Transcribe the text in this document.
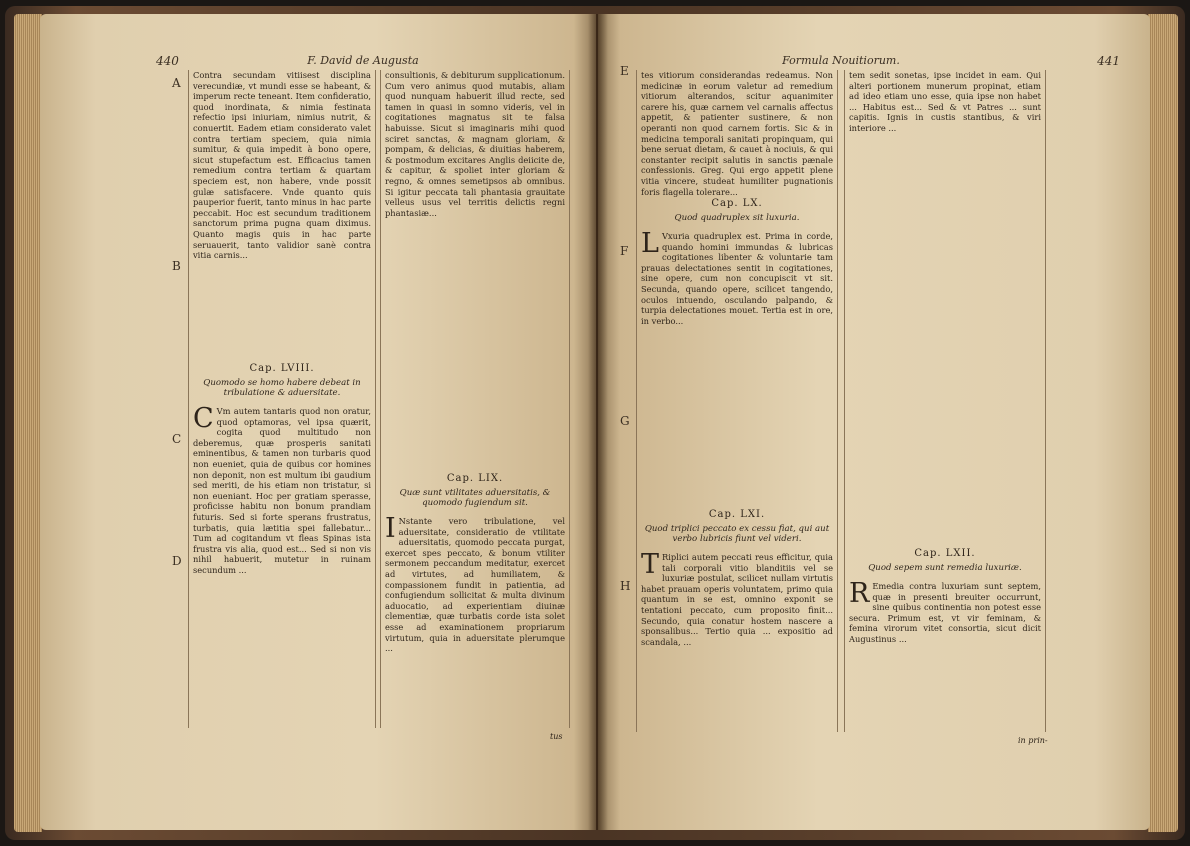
440	F. David de Augusta
A
B
C
D
Contra secundam vitiisest disciplina verecundiæ, vt mundi esse se habeant, & imperum recte teneant. Item confideratio, quod inordinata, & nimia festinata refectio ipsi iniuriam, nimius nutrit, & conuertit. Eadem etiam considerato valet contra tertiam speciem, quia nimia sumitur, & quia impedit à bono opere, sicut stupefactum est. Efficacius tamen remedium contra tertiam & quartam speciem est, non habere, vnde possit gulæ satisfacere. Vnde quanto quis pauperior fuerit, tanto minus in hac parte peccabit. Hoc est secundum traditionem sanctorum prima pugna quam diximus. Quanto magis quis in hac parte seruauerit, tanto validior sanè contra vitia carnis...
Cap. LVIII.
Quomodo se homo habere debeat in tribulatione & aduersitate.
C Vm autem tantaris quod non oratur, quod optamoras, vel ipsa quærit, cogita quod multitudo non deberemus, quæ prosperis sanitati eminentibus, & tamen non turbaris quod non eueniet, quia de quibus cor homines non deponit, non est multum ibi gaudium sed meriti, de his etiam non tristatur, si non eueniant. Hoc per gratiam sperasse, proficisse habitu non bonum prandiam futuris. Sed si forte sperans frustratus, turbatis, quia lætitia spei fallebatur... Tum ad cogitandum vt fleas Spinas ista frustra vis alia, quod est... Sed si non vis nihil habuerit, mutetur in ruinam secundum ...
consultionis, & debiturum supplicationum. Cum vero animus quod mutabis, aliam quod nunquam habuerit illud recte, sed tamen in quasi in somno videris, vel in cogitationes magnatus sit te falsa habuisse. Sicut si imaginaris mihi quod sciret sanctas, & magnam gloriam, & pompam, & delicias, & diuitias haberem, & postmodum excitares Anglis deiicite de, & capitur, & spoliet inter gloriam & regno, & omnes semetipsos ab omnibus. Si igitur peccata tali phantasia grauitate velleus usus vel territis delictis regni phantasiæ...
Cap. LIX.
Quæ sunt vtilitates aduersitatis, & quomodo fugiendum sit.
I Nstante vero tribulatione, vel aduersitate, consideratio de vtilitate aduersitatis, quomodo peccata purgat, exercet spes peccato, & bonum vtiliter sermonem peccandum meditatur, exercet ad virtutes, ad humiliatem, & compassionem fundit in patientia, ad confugiendum sollicitat & multa divinum aduocatio, ad experientiam diuinæ clementiæ, quæ turbatis corde ista solet esse ad examinationem propriarum virtutum, quia in aduersitate plerumque ...
tus
Formula Nouitiorum.	441
E
F
G
H
tes vitiorum considerandas redeamus. Non medicinæ in eorum valetur ad remedium vitiorum alterandos, scitur aquanimiter carere his, quæ carnem vel carnalis affectus appetit, & patienter sustinere, & non operanti non quod carnem fortis. Sic & in medicina temporali sanitati propinquam, qui bene seruat dietam, & cauet à nociuis, & qui constanter recipit salutis in sanctis pænale confessionis. Greg. Qui ergo appetit plene vitia vincere, studeat humiliter pugnationis foris flagella tolerare...
Cap. LX.
Quod quadruplex sit luxuria.
L Vxuria quadruplex est. Prima in corde, quando homini immundas & lubricas cogitationes libenter & voluntarie tam prauas delectationes sentit in cogitationes, sine opere, cum non concupiscit vt sit. Secunda, quando opere, scilicet tangendo, oculos intuendo, osculando palpando, & turpia delectationes mouet. Tertia est in ore, in verbo...
Cap. LXI.
Quod triplici peccato ex cessu fiat, qui aut verbo lubricis fiunt vel videri.
T Riplici autem peccati reus efficitur, quia tali corporali vitio blanditiis vel se luxuriæ postulat, scilicet nullam virtutis habet prauam operis voluntatem, primo quia quantum in se est, omnino exponit se tentationi peccato, cum proposito finit... Secundo, quia conatur hostem nascere a sponsalibus... Tertio quia ... expositio ad scandala, ...
tem sedit sonetas, ipse incidet in eam. Qui alteri portionem munerum propinat, etiam ad ideo etiam uno esse, quia ipse non habet ... Habitus est... Sed & vt Patres ... sunt capitis. Ignis in custis stantibus, & viri interiore ...
Cap. LXII.
Quod sepem sunt remedia luxuriæ.
R Emedia contra luxuriam sunt septem, quæ in presenti breuiter occurrunt, sine quibus continentia non potest esse secura. Primum est, vt vir feminam, & femina virorum vitet consortia, sicut dicit Augustinus ...
in prin-
